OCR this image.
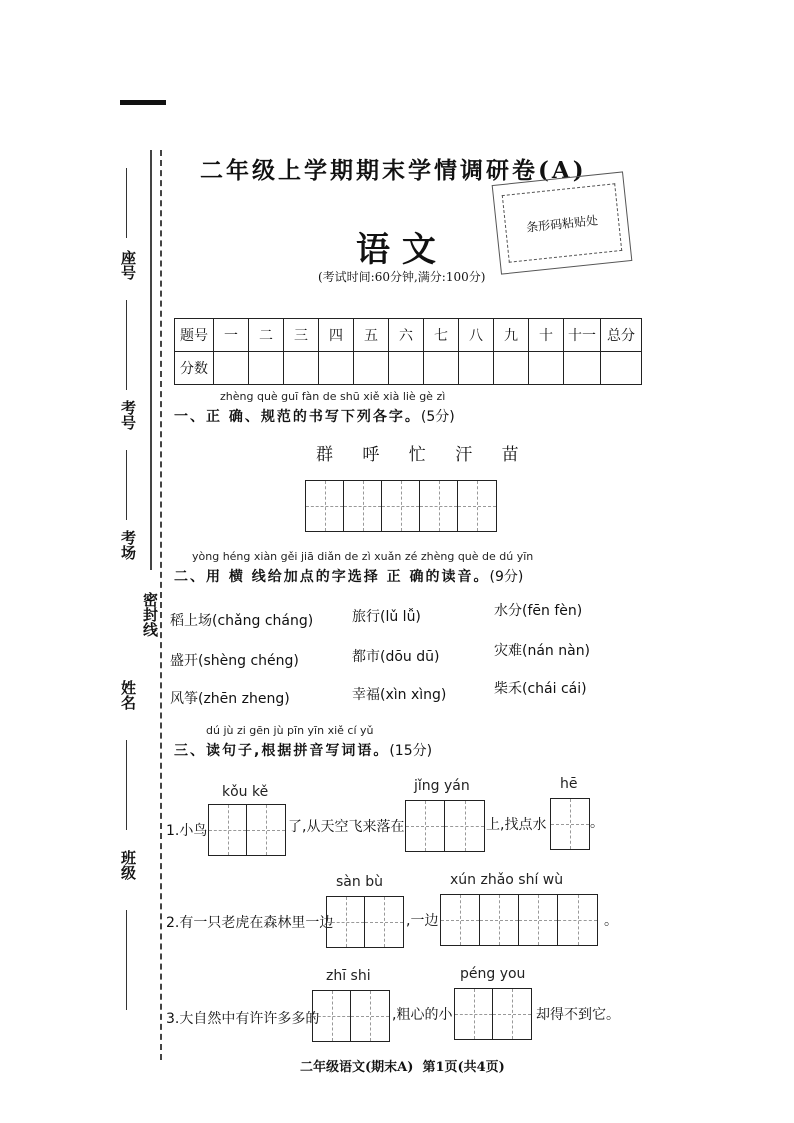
座号
考号
考场
密封线
姓名
班级
二年级上学期期末学情调研卷(A)
语 文
(考试时间:60分钟,满分:100分)
条形码粘贴处
题号	一	二	三	四	五	六	七	八	九	十	十一	总分
分数												
zhèng què guī fàn de shū xiě xià liè gè zì
一、正 确、规范的书写下列各字。(5分)
群 呼 忙 汗 苗
yòng héng xiàn gěi jiā diǎn de zì xuǎn zé zhèng què de dú yīn
二、用 横 线给加点的字选择 正 确的读音。(9分)
稻上场(chǎng cháng)	旅行(lǔ lǚ)	水分(fēn fèn)
盛开(shèng chéng)	都市(dōu dū)	灾难(nán nàn)
风筝(zhēn zheng)	幸福(xìn xìng)	柴禾(chái cái)
dú jù zi gēn jù pīn yīn xiě cí yǔ
三、读句子,根据拼音写词语。(15分)
kǒu kě	jǐng yán	hē
1.小鸟	了,从天空飞来落在	上,找点水	。
sàn bù	xún zhǎo shí wù
2.有一只老虎在森林里一边	,一边	。
zhī shi	péng you
3.大自然中有许许多多的	,粗心的小	却得不到它。
二年级语文(期末A)  第1页(共4页)
